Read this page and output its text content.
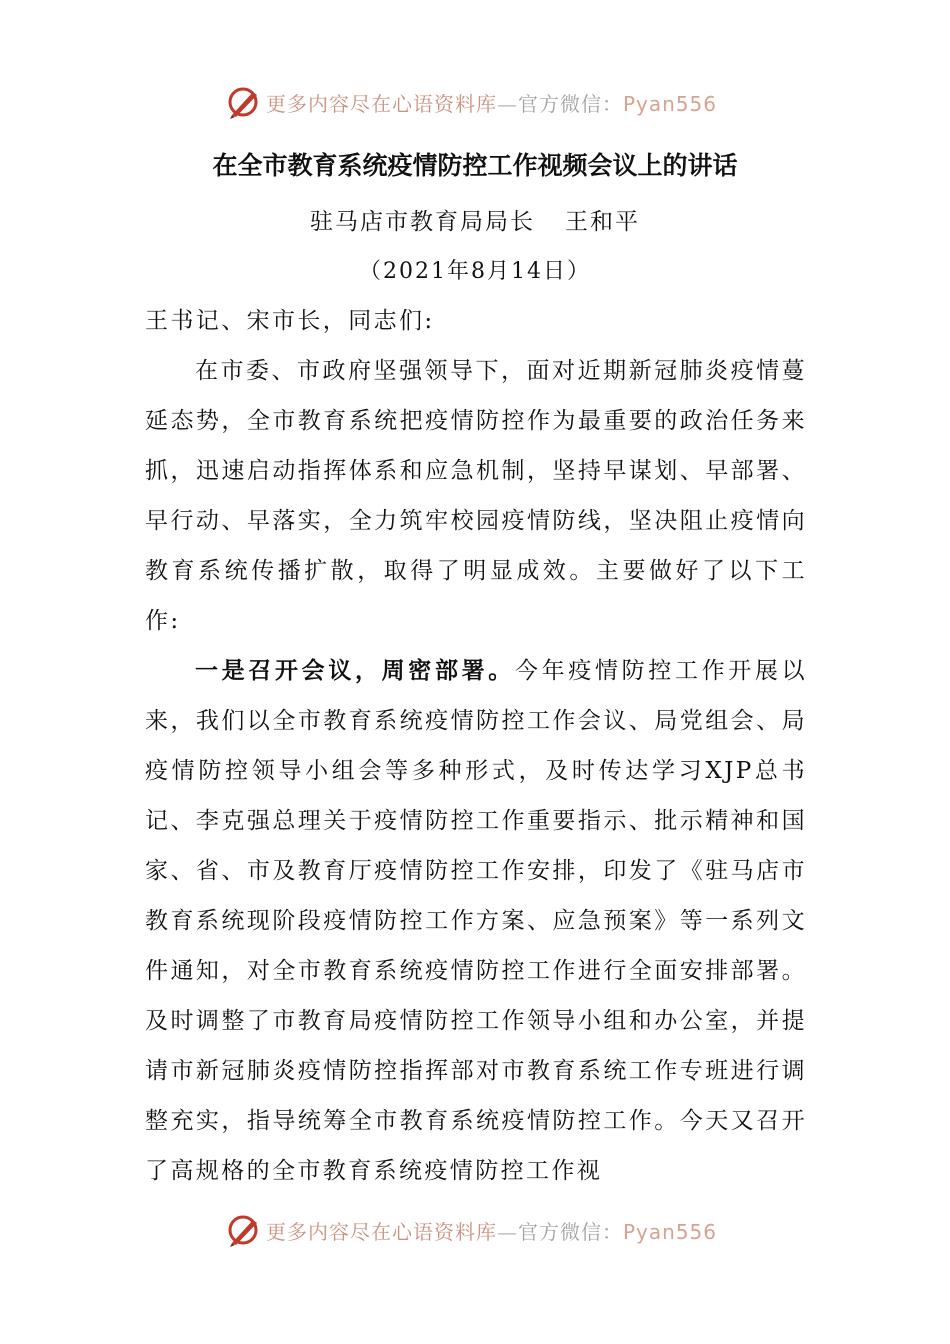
更多内容尽在心语资料库—官方微信：Pyan556
在全市教育系统疫情防控工作视频会议上的讲话
驻马店市教育局局长 王和平
（2021年8月14日）

王书记、宋市长，同志们:

在市委、市政府坚强领导下，面对近期新冠肺炎疫情蔓延态势，全市教育系统把疫情防控作为最重要的政治任务来抓，迅速启动指挥体系和应急机制，坚持早谋划、早部署、早行动、早落实，全力筑牢校园疫情防线，坚决阻止疫情向教育系统传播扩散，取得了明显成效。主要做好了以下工作:

一是召开会议，周密部署。今年疫情防控工作开展以来，我们以全市教育系统疫情防控工作会议、局党组会、局疫情防控领导小组会等多种形式，及时传达学习XJP总书记、李克强总理关于疫情防控工作重要指示、批示精神和国家、省、市及教育厅疫情防控工作安排，印发了《驻马店市教育系统现阶段疫情防控工作方案、应急预案》等一系列文件通知，对全市教育系统疫情防控工作进行全面安排部署。及时调整了市教育局疫情防控工作领导小组和办公室，并提请市新冠肺炎疫情防控指挥部对市教育系统工作专班进行调整充实，指导统筹全市教育系统疫情防控工作。今天又召开了高规格的全市教育系统疫情防控工作视

更多内容尽在心语资料库—官方微信：Pyan556
